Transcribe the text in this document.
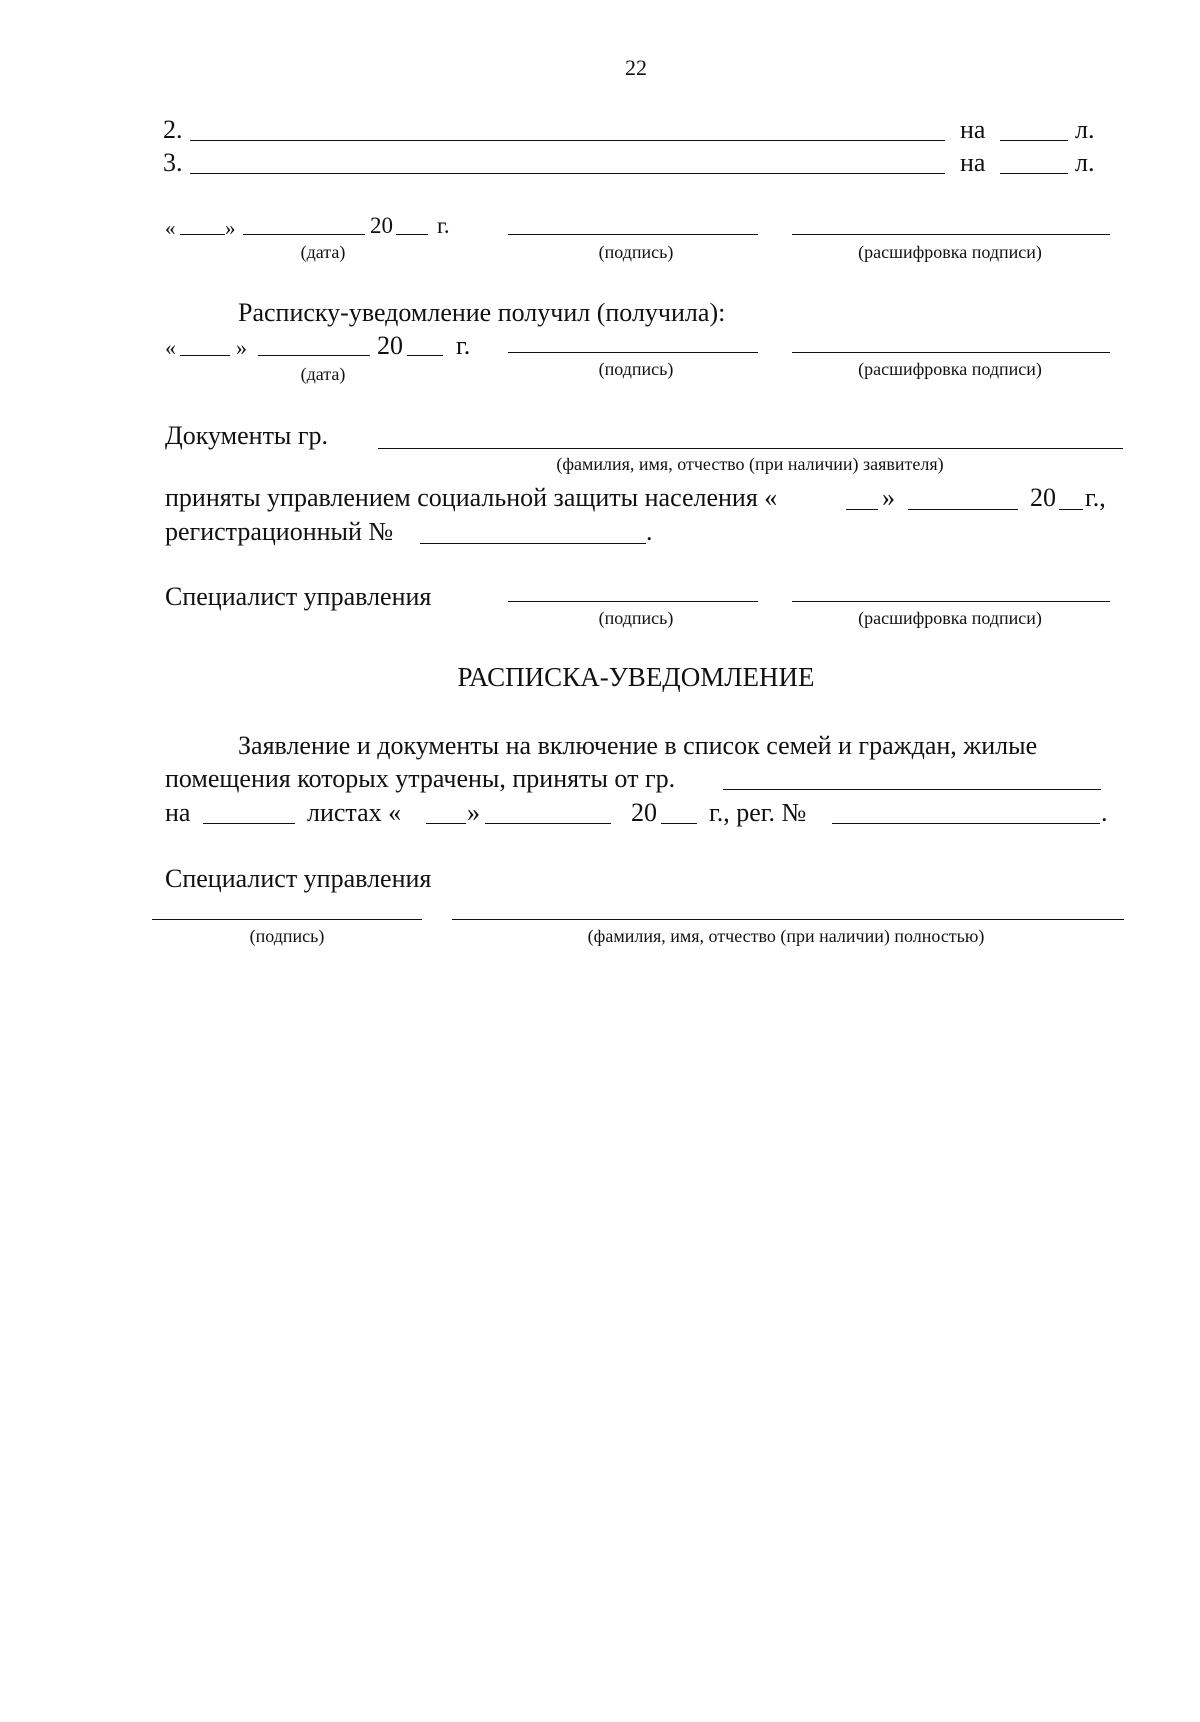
22
2.	на	л.
3.	на	л.
« »	20 г.
(дата)	(подпись)	(расшифровка подписи)
Расписку-уведомление получил (получила):
«	»	20 г.
(дата)	(подпись)	(расшифровка подписи)
Документы гр.
(фамилия, имя, отчество (при наличии) заявителя)
приняты управлением социальной защиты населения «	»	20 г.,
регистрационный №	.
Специалист управления
(подпись)	(расшифровка подписи)
РАСПИСКА-УВЕДОМЛЕНИЕ
Заявление и документы на включение в список семей и граждан, жилые
помещения которых утрачены, приняты от гр.
на	листах «	»	20 г., рег. №	.
Специалист управления
(подпись)	(фамилия, имя, отчество (при наличии) полностью)
